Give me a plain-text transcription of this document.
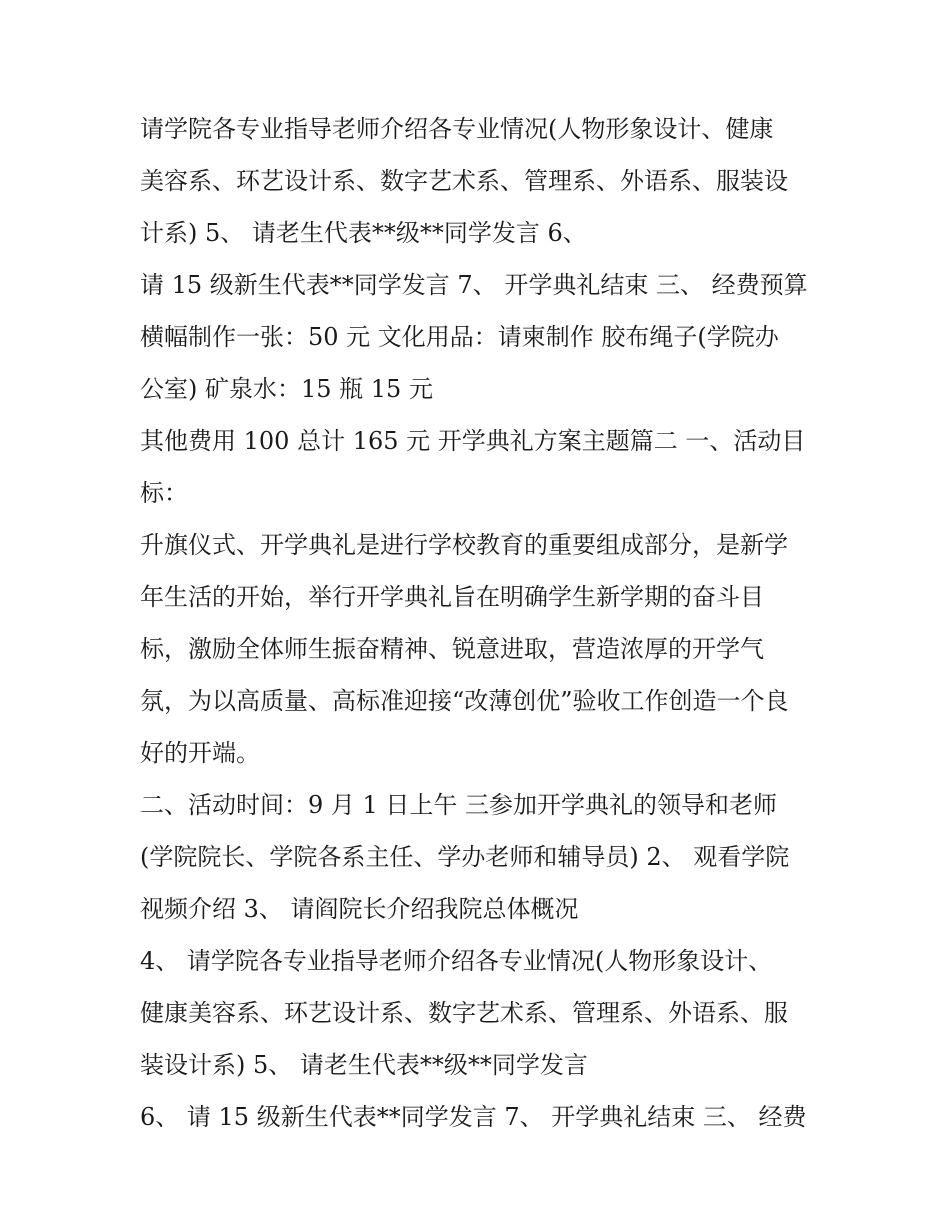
请学院各专业指导老师介绍各专业情况(人物形象设计、健康
美容系、环艺设计系、数字艺术系、管理系、外语系、服装设
计系) 5、 请老生代表**级**同学发言 6、
请 15 级新生代表**同学发言 7、 开学典礼结束 三、 经费预算
横幅制作一张：50 元 文化用品：请柬制作 胶布绳子(学院办
公室) 矿泉水：15 瓶 15 元
其他费用 100 总计 165 元 开学典礼方案主题篇二 一、活动目
标：
升旗仪式、开学典礼是进行学校教育的重要组成部分，是新学
年生活的开始，举行开学典礼旨在明确学生新学期的奋斗目
标，激励全体师生振奋精神、锐意进取，营造浓厚的开学气
氛，为以高质量、高标准迎接“改薄创优”验收工作创造一个良
好的开端。
二、活动时间：9 月 1 日上午 三参加开学典礼的领导和老师
(学院院长、学院各系主任、学办老师和辅导员) 2、 观看学院
视频介绍 3、 请阎院长介绍我院总体概况
4、 请学院各专业指导老师介绍各专业情况(人物形象设计、
健康美容系、环艺设计系、数字艺术系、管理系、外语系、服
装设计系) 5、 请老生代表**级**同学发言
6、 请 15 级新生代表**同学发言 7、 开学典礼结束 三、 经费
